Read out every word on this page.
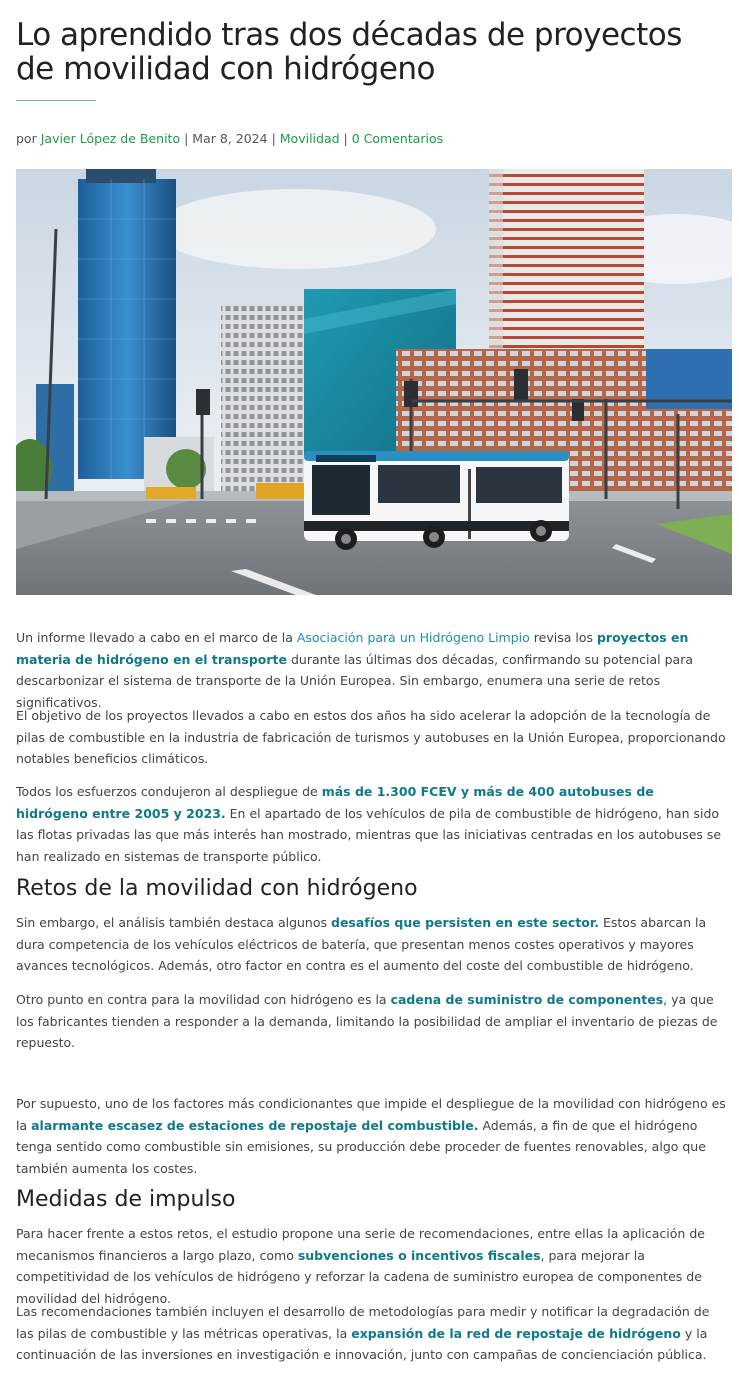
Lo aprendido tras dos décadas de proyectos de movilidad con hidrógeno
por Javier López de Benito | Mar 8, 2024 | Movilidad | 0 Comentarios

Un informe llevado a cabo en el marco de la Asociación para un Hidrógeno Limpio revisa los proyectos en materia de hidrógeno en el transporte durante las últimas dos décadas, confirmando su potencial para descarbonizar el sistema de transporte de la Unión Europea. Sin embargo, enumera una serie de retos significativos.

El objetivo de los proyectos llevados a cabo en estos dos años ha sido acelerar la adopción de la tecnología de pilas de combustible en la industria de fabricación de turismos y autobuses en la Unión Europea, proporcionando notables beneficios climáticos.

Todos los esfuerzos condujeron al despliegue de más de 1.300 FCEV y más de 400 autobuses de hidrógeno entre 2005 y 2023. En el apartado de los vehículos de pila de combustible de hidrógeno, han sido las flotas privadas las que más interés han mostrado, mientras que las iniciativas centradas en los autobuses se han realizado en sistemas de transporte público.

Retos de la movilidad con hidrógeno

Sin embargo, el análisis también destaca algunos desafíos que persisten en este sector. Estos abarcan la dura competencia de los vehículos eléctricos de batería, que presentan menos costes operativos y mayores avances tecnológicos. Además, otro factor en contra es el aumento del coste del combustible de hidrógeno.

Otro punto en contra para la movilidad con hidrógeno es la cadena de suministro de componentes, ya que los fabricantes tienden a responder a la demanda, limitando la posibilidad de ampliar el inventario de piezas de repuesto.

Por supuesto, uno de los factores más condicionantes que impide el despliegue de la movilidad con hidrógeno es la alarmante escasez de estaciones de repostaje del combustible. Además, a fin de que el hidrógeno tenga sentido como combustible sin emisiones, su producción debe proceder de fuentes renovables, algo que también aumenta los costes.

Medidas de impulso

Para hacer frente a estos retos, el estudio propone una serie de recomendaciones, entre ellas la aplicación de mecanismos financieros a largo plazo, como subvenciones o incentivos fiscales, para mejorar la competitividad de los vehículos de hidrógeno y reforzar la cadena de suministro europea de componentes de movilidad del hidrógeno.

Las recomendaciones también incluyen el desarrollo de metodologías para medir y notificar la degradación de las pilas de combustible y las métricas operativas, la expansión de la red de repostaje de hidrógeno y la continuación de las inversiones en investigación e innovación, junto con campañas de concienciación pública.
